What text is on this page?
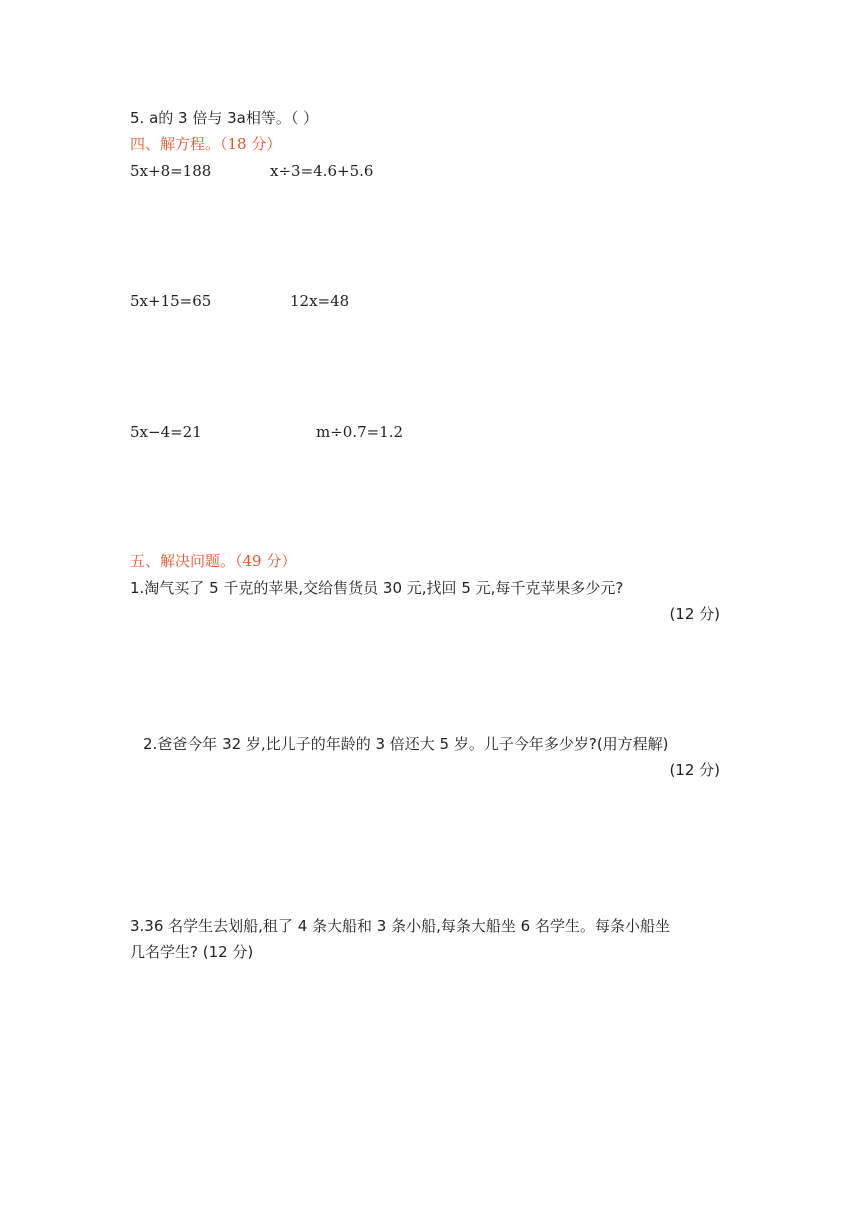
5. a的 3 倍与 3a相等。（ ）
四、解方程。（18 分）
5x+8=188	x÷3=4.6+5.6
5x+15=65	12x=48
5x−4=21	m÷0.7=1.2
五、解决问题。（49 分）
1.淘气买了 5 千克的苹果,交给售货员 30 元,找回 5 元,每千克苹果多少元?
(12 分)
2.爸爸今年 32 岁,比儿子的年龄的 3 倍还大 5 岁。儿子今年多少岁?(用方程解)
(12 分)
3.36 名学生去划船,租了 4 条大船和 3 条小船,每条大船坐 6 名学生。每条小船坐
几名学生? (12 分)
